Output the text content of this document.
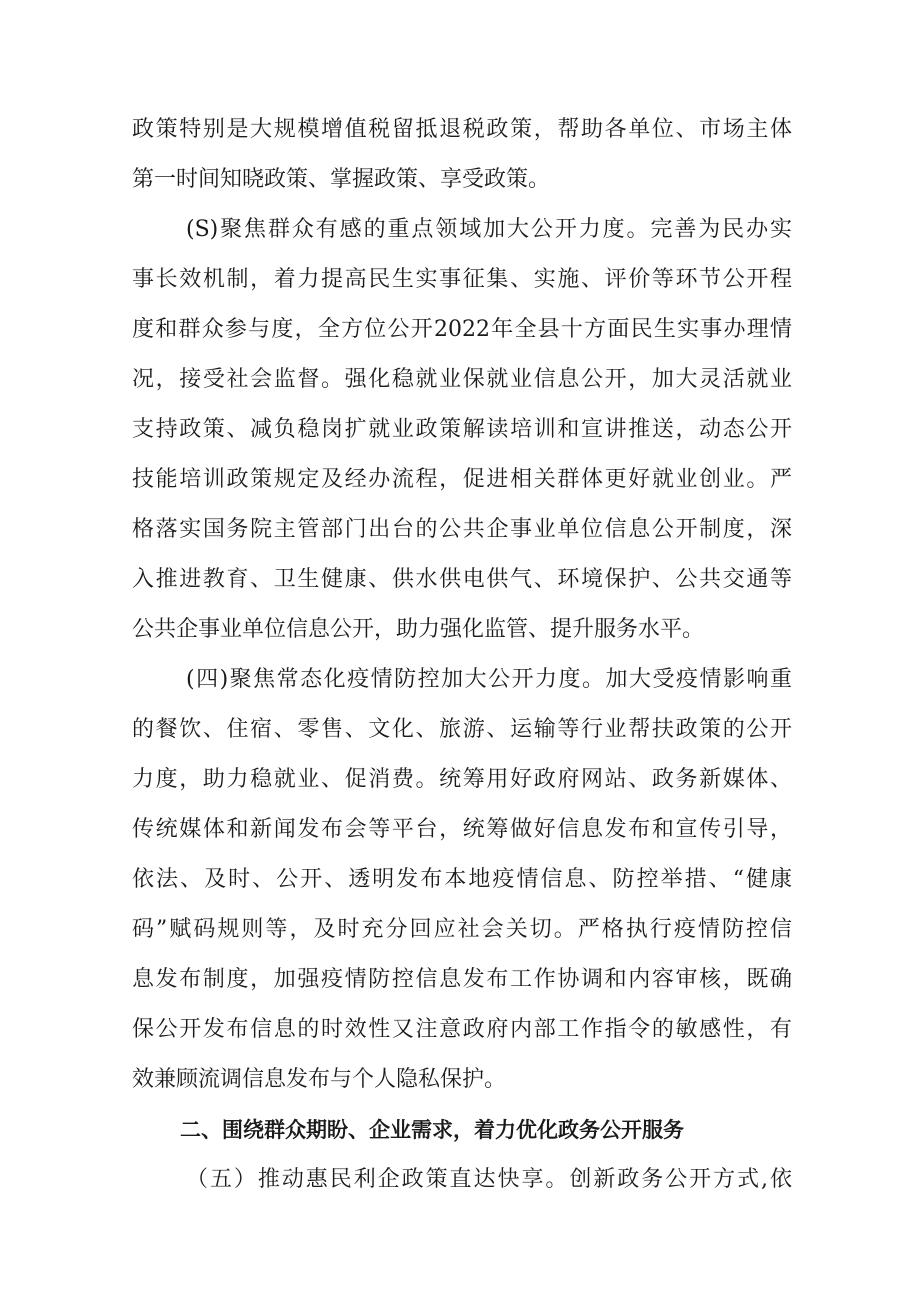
政策特别是大规模增值税留抵退税政策，帮助各单位、市场主体
第一时间知晓政策、掌握政策、享受政策。
(S)聚焦群众有感的重点领域加大公开力度。完善为民办实
事长效机制，着力提高民生实事征集、实施、评价等环节公开程
度和群众参与度，全方位公开2022年全县十方面民生实事办理情
况，接受社会监督。强化稳就业保就业信息公开，加大灵活就业
支持政策、减负稳岗扩就业政策解读培训和宣讲推送，动态公开
技能培训政策规定及经办流程，促进相关群体更好就业创业。严
格落实国务院主管部门出台的公共企事业单位信息公开制度，深
入推进教育、卫生健康、供水供电供气、环境保护、公共交通等
公共企事业单位信息公开，助力强化监管、提升服务水平。
(四)聚焦常态化疫情防控加大公开力度。加大受疫情影响重
的餐饮、住宿、零售、文化、旅游、运输等行业帮扶政策的公开
力度，助力稳就业、促消费。统筹用好政府网站、政务新媒体、
传统媒体和新闻发布会等平台，统筹做好信息发布和宣传引导，
依法、及时、公开、透明发布本地疫情信息、防控举措、“健康
码”赋码规则等，及时充分回应社会关切。严格执行疫情防控信
息发布制度，加强疫情防控信息发布工作协调和内容审核，既确
保公开发布信息的时效性又注意政府内部工作指令的敏感性，有
效兼顾流调信息发布与个人隐私保护。
二、围绕群众期盼、企业需求，着力优化政务公开服务
（五）推动惠民利企政策直达快享。创新政务公开方式,依
